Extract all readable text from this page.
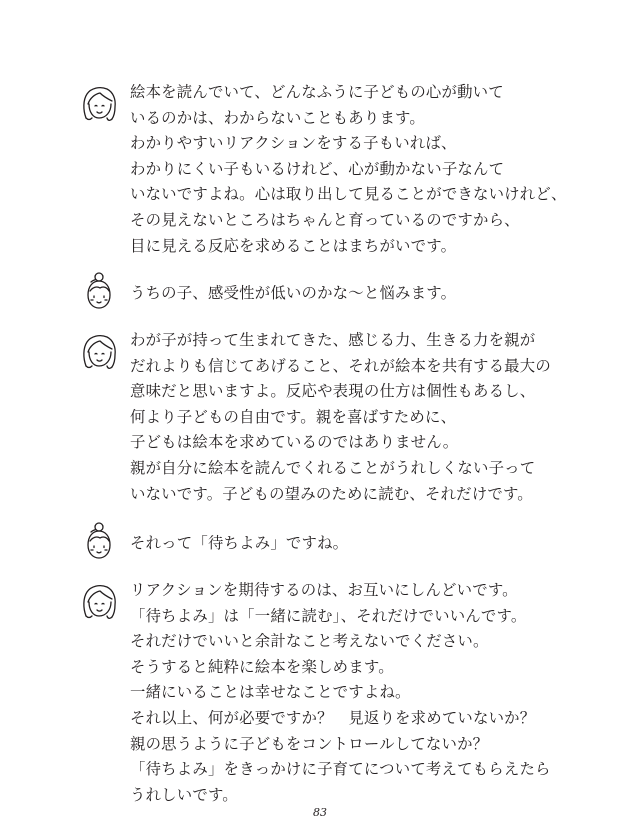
絵本を読んでいて、どんなふうに子どもの心が動いて
いるのかは、わからないこともあります。
わかりやすいリアクションをする子もいれば、
わかりにくい子もいるけれど、心が動かない子なんて
いないですよね。心は取り出して見ることができないけれど、
その見えないところはちゃんと育っているのですから、
目に見える反応を求めることはまちがいです。
うちの子、感受性が低いのかな〜と悩みます。
わが子が持って生まれてきた、感じる力、生きる力を親が
だれよりも信じてあげること、それが絵本を共有する最大の
意味だと思いますよ。反応や表現の仕方は個性もあるし、
何より子どもの自由です。親を喜ばすために、
子どもは絵本を求めているのではありません。
親が自分に絵本を読んでくれることがうれしくない子って
いないです。子どもの望みのために読む、それだけです。
それって「待ちよみ」ですね。
リアクションを期待するのは、お互いにしんどいです。
「待ちよみ」は「一緒に読む」、それだけでいいんです。
それだけでいいと余計なこと考えないでください。
そうすると純粋に絵本を楽しめます。
一緒にいることは幸せなことですよね。
それ以上、何が必要ですか？　見返りを求めていないか？
親の思うように子どもをコントロールしてないか？
「待ちよみ」をきっかけに子育てについて考えてもらえたら
うれしいです。
83
